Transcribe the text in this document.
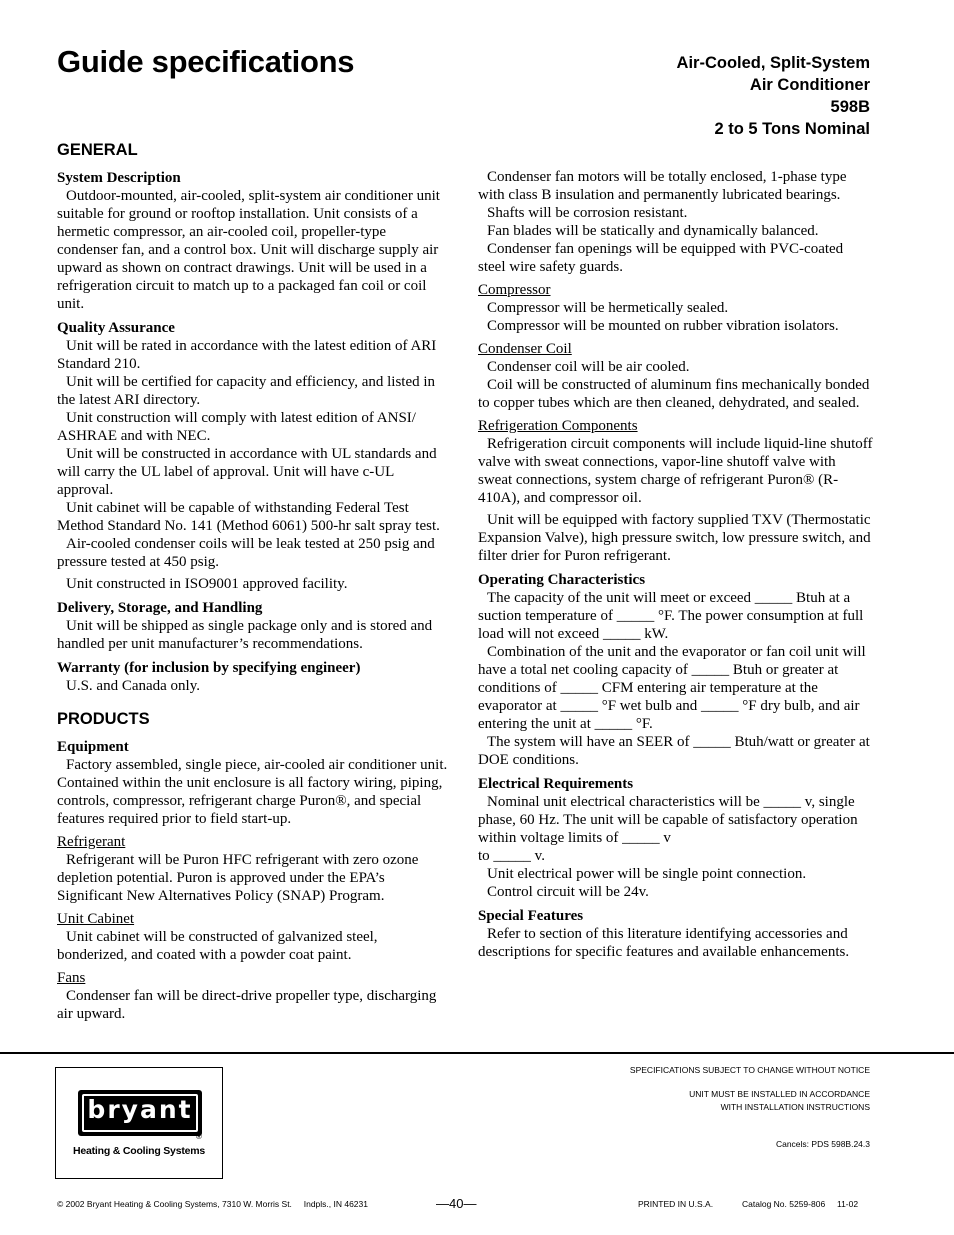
Guide specifications	Air-Cooled, Split-System
Air Conditioner
598B
2 to 5 Tons Nominal
GENERAL
System Description
Outdoor-mounted, air-cooled, split-system air conditioner unit suitable for ground or rooftop installation. Unit consists of a hermetic compressor, an air-cooled coil, propeller-type condenser fan, and a control box. Unit will discharge supply air upward as shown on contract drawings. Unit will be used in a refrigeration circuit to match up to a packaged fan coil or coil unit.
Quality Assurance
Unit will be rated in accordance with the latest edition of ARI Standard 210.
Unit will be certified for capacity and efficiency, and listed in the latest ARI directory.
Unit construction will comply with latest edition of ANSI/ ASHRAE and with NEC.
Unit will be constructed in accordance with UL standards and will carry the UL label of approval. Unit will have c-UL approval.
Unit cabinet will be capable of withstanding Federal Test Method Standard No. 141 (Method 6061) 500-hr salt spray test.
Air-cooled condenser coils will be leak tested at 250 psig and pressure tested at 450 psig.
Unit constructed in ISO9001 approved facility.
Delivery, Storage, and Handling
Unit will be shipped as single package only and is stored and handled per unit manufacturer’s recommendations.
Warranty (for inclusion by specifying engineer)
U.S. and Canada only.
PRODUCTS
Equipment
Factory assembled, single piece, air-cooled air conditioner unit. Contained within the unit enclosure is all factory wiring, piping, controls, compressor, refrigerant charge Puron®, and special features required prior to field start-up.
Refrigerant
Refrigerant will be Puron HFC refrigerant with zero ozone depletion potential. Puron is approved under the EPA’s Significant New Alternatives Policy (SNAP) Program.
Unit Cabinet
Unit cabinet will be constructed of galvanized steel, bonderized, and coated with a powder coat paint.
Fans
Condenser fan will be direct-drive propeller type, discharging air upward.
Condenser fan motors will be totally enclosed, 1-phase type with class B insulation and permanently lubricated bearings.
Shafts will be corrosion resistant.
Fan blades will be statically and dynamically balanced.
Condenser fan openings will be equipped with PVC-coated steel wire safety guards.
Compressor
Compressor will be hermetically sealed.
Compressor will be mounted on rubber vibration isolators.
Condenser Coil
Condenser coil will be air cooled.
Coil will be constructed of aluminum fins mechanically bonded to copper tubes which are then cleaned, dehydrated, and sealed.
Refrigeration Components
Refrigeration circuit components will include liquid-line shutoff valve with sweat connections, vapor-line shutoff valve with sweat connections, system charge of refrigerant Puron® (R-410A), and compressor oil.
Unit will be equipped with factory supplied TXV (Thermostatic Expansion Valve), high pressure switch, low pressure switch, and filter drier for Puron refrigerant.
Operating Characteristics
The capacity of the unit will meet or exceed _____ Btuh at a suction temperature of _____ °F. The power consumption at full load will not exceed _____ kW.
Combination of the unit and the evaporator or fan coil unit will have a total net cooling capacity of _____ Btuh or greater at conditions of _____ CFM entering air temperature at the evaporator at _____ °F wet bulb and _____ °F dry bulb, and air entering the unit at _____ °F.
The system will have an SEER of _____ Btuh/watt or greater at DOE conditions.
Electrical Requirements
Nominal unit electrical characteristics will be _____ v, single phase, 60 Hz. The unit will be capable of satisfactory operation within voltage limits of _____ v
to _____ v.
Unit electrical power will be single point connection.
Control circuit will be 24v.
Special Features
Refer to section of this literature identifying accessories and descriptions for specific features and available enhancements.
bryant
®
Heating & Cooling Systems
SPECIFICATIONS SUBJECT TO CHANGE WITHOUT NOTICE
UNIT MUST BE INSTALLED IN ACCORDANCE
WITH INSTALLATION INSTRUCTIONS
Cancels: PDS 598B.24.3
© 2002 Bryant Heating & Cooling Systems, 7310 W. Morris St.     Indpls., IN 46231	—40—	PRINTED IN U.S.A.	Catalog No. 5259-806     11-02
